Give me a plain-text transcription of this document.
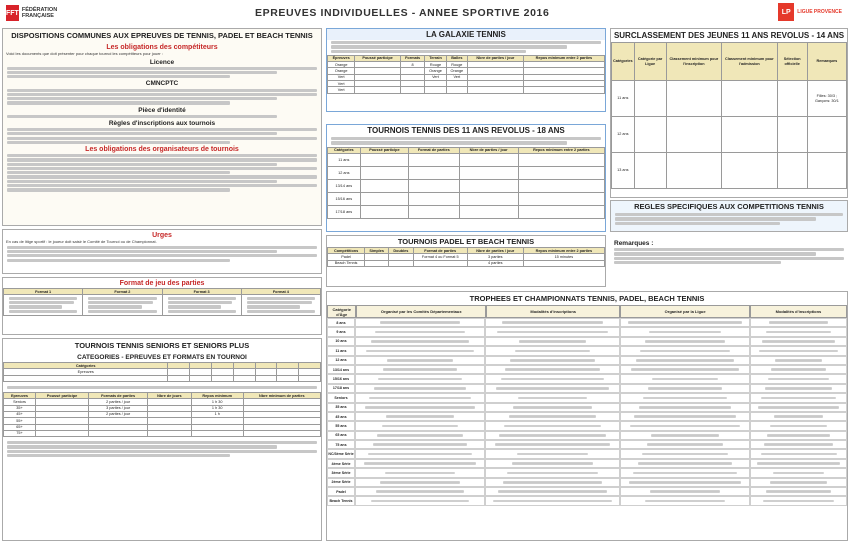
FFT FÉDÉRATION FRANÇAISE	EPREUVES INDIVIDUELLES - ANNEE SPORTIVE 2016	LP	LIGUE PROVENCE
DISPOSITIONS COMMUNES AUX EPREUVES DE TENNIS, PADEL ET BEACH TENNIS
Les obligations des compétiteurs
Voici les documents que doit présenter pour chaque tournoi les compétiteurs pour jouer :
Licence
CMNCPTC
Pièce d'identité
Règles d'inscriptions aux tournois
Les obligations des organisateurs de tournois
Urges
En cas de litige sportif : le joueur doit saisir le Comité de Tournoi ou de Championnat.
Format de jeu des parties
Format 1	Format 2	Format 3	Format 4

TOURNOIS TENNIS SENIORS ET SENIORS PLUS
CATEGORIES - EPREUVES ET FORMATS EN TOURNOI
Catégories							
Epreuves							

Epreuves	Poussé participe	Formats de parties	Nbre de jours	Repos minimum	Nbre minimum de parties
Seniors		2 parties / jour		1 h 30	
35+		3 parties / jour		1 h 30	
45+		2 parties / jour		1 h	
55+					
65+					
75+					
LA GALAXIE TENNIS
Épreuves	Poussé participe	Formats	Terrain	Balles	Nbre de parties / jour	Repos minimum entre 2 parties
Orange		8	Rouge	Rouge		
Orange			Orange	Orange		
Vert			Vert	Vert		
Vert						
Vert						
TOURNOIS TENNIS DES 11 ANS REVOLUS - 18 ANS
Catégories	Poussé participe	Format de parties	Nbre de parties / jour	Repos minimum entre 2 parties
11 ans				
12 ans				
13/14 ans				
15/16 ans				
17/18 ans				
TOURNOIS PADEL ET BEACH TENNIS
Compétitions	Simples	Doubles	Format de parties	Nbre de parties / jour	Repos minimum entre 2 parties
Padel			Format 4 ou Format 5	3 parties	15 minutes
Beach Tennis				4 parties	
SURCLASSEMENT DES JEUNES 11 ANS REVOLUS - 14 ANS
Catégories	Catégorie par Ligue	Classement minimum pour l'inscription	Classement minimum pour l'admission	Sélection officielle	Remarques
11 ans					Filles: 30/3 ; Garçons: 30/1
12 ans					
13 ans					
REGLES SPECIFIQUES AUX COMPETITIONS TENNIS
Remarques :
TROPHEES ET CHAMPIONNATS TENNIS, PADEL, BEACH TENNIS
Catégorie d'Âge	Organisé par les Comités Départementaux	Modalités d'inscriptions	Organisé par la Ligue	Modalités d'inscriptions
8 ans
9 ans
10 ans
11 ans
12 ans
13/14 ans
15/16 ans
17/18 ans
Seniors
35 ans
45 ans
55 ans
65 ans
75 ans
NC/3ème Série
4ème Série
3ème Série
2ème Série
Padel
Beach Tennis
